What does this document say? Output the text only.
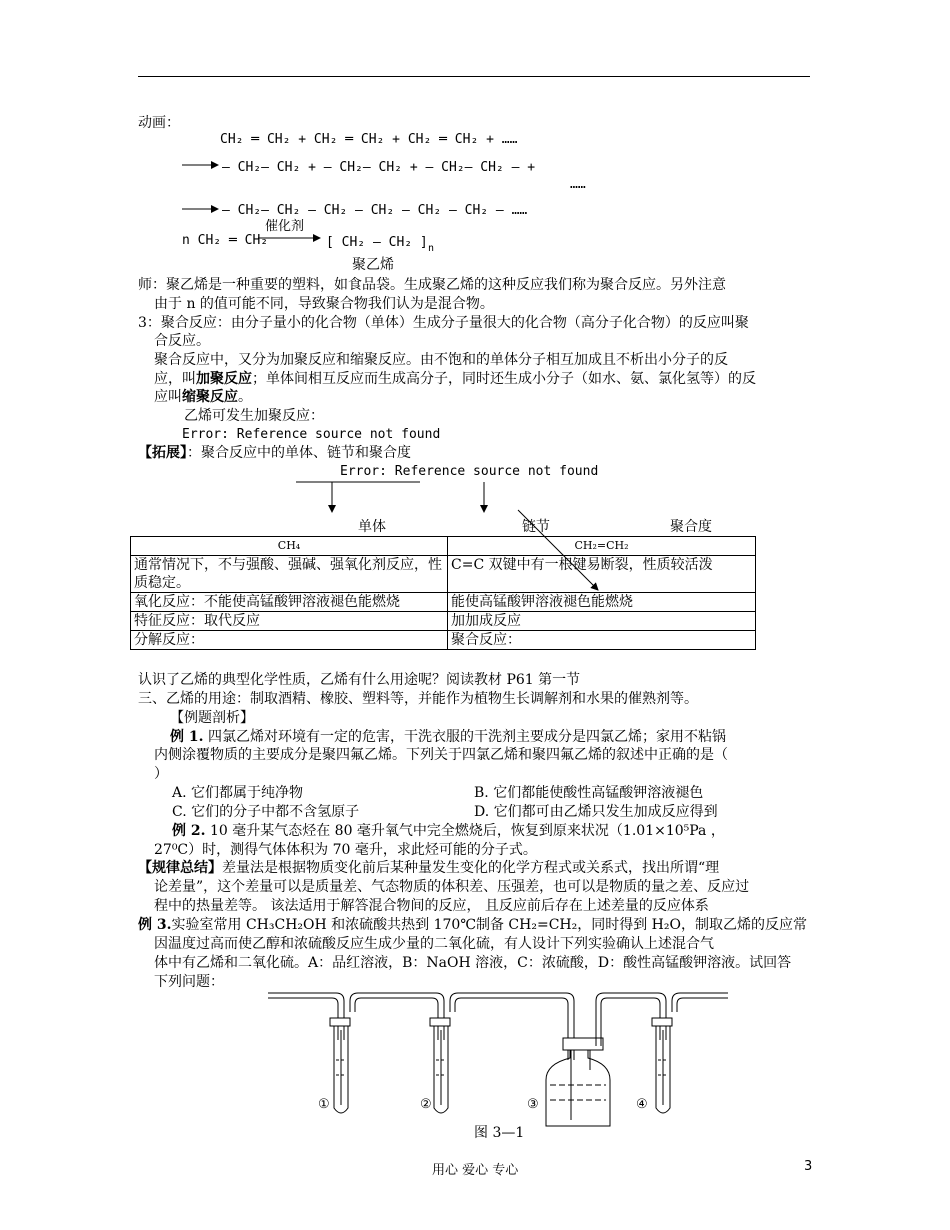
动画：
CH₂ ═ CH₂ + CH₂ ═ CH₂ + CH₂ ═ CH₂ + ……
— CH₂— CH₂ + — CH₂— CH₂ + — CH₂— CH₂ — +
……
— CH₂— CH₂ — CH₂ — CH₂ — CH₂ — CH₂ — ……
n CH₂ ═ CH₂
催化剂
[ CH₂ — CH₂ ] n
聚乙烯
师：聚乙烯是一种重要的塑料，如食品袋。生成聚乙烯的这种反应我们称为聚合反应。另外注意
由于 n 的值可能不同，导致聚合物我们认为是混合物。
3：聚合反应：由分子量小的化合物（单体）生成分子量很大的化合物（高分子化合物）的反应叫聚
合反应。
聚合反应中，又分为加聚反应和缩聚反应。由不饱和的单体分子相互加成且不析出小分子的反
应，叫加聚反应；单体间相互反应而生成高分子，同时还生成小分子（如水、氨、氯化氢等）的反
应叫缩聚反应。
乙烯可发生加聚反应：
Error: Reference source not found
【拓展】：聚合反应中的单体、链节和聚合度
Error: Reference source not found
单体	链节	聚合度
CH₄	CH₂=CH₂
通常情况下，不与强酸、强碱、强氧化剂反应，性质稳定。	C=C 双键中有一根键易断裂，性质较活泼
氧化反应：不能使高锰酸钾溶液褪色能燃烧	能使高锰酸钾溶液褪色能燃烧
特征反应：取代反应	加加成反应
分解反应：	聚合反应：
认识了乙烯的典型化学性质，乙烯有什么用途呢？阅读教材 P61 第一节
三、乙烯的用途：制取酒精、橡胶、塑料等，并能作为植物生长调解剂和水果的催熟剂等。
【例题剖析】
例 1. 四氯乙烯对环境有一定的危害，干洗衣服的干洗剂主要成分是四氯乙烯；家用不粘锅
内侧涂覆物质的主要成分是聚四氟乙烯。下列关于四氯乙烯和聚四氟乙烯的叙述中正确的是（
）
A. 它们都属于纯净物	B. 它们都能使酸性高锰酸钾溶液褪色
C. 它们的分子中都不含氢原子	D. 它们都可由乙烯只发生加成反应得到
例 2. 10 毫升某气态烃在 80 毫升氧气中完全燃烧后，恢复到原来状况（1.01×10⁵Pa ，
27⁰C）时，测得气体体积为 70 毫升，求此烃可能的分子式。
【规律总结】差量法是根据物质变化前后某种量发生变化的化学方程式或关系式，找出所谓“理
论差量”，这个差量可以是质量差、气态物质的体积差、压强差，也可以是物质的量之差、反应过
程中的热量差等。 该法适用于解答混合物间的反应， 且反应前后存在上述差量的反应体系
例 3.实验室常用 CH₃CH₂OH 和浓硫酸共热到 170℃制备 CH₂=CH₂，同时得到 H₂O，制取乙烯的反应常
因温度过高而使乙醇和浓硫酸反应生成少量的二氧化硫，有人设计下列实验确认上述混合气
体中有乙烯和二氧化硫。A：品红溶液，B：NaOH 溶液，C：浓硫酸，D：酸性高锰酸钾溶液。试回答
下列问题：
①	②	③	④
图 3—1
用心 爱心 专心	3
